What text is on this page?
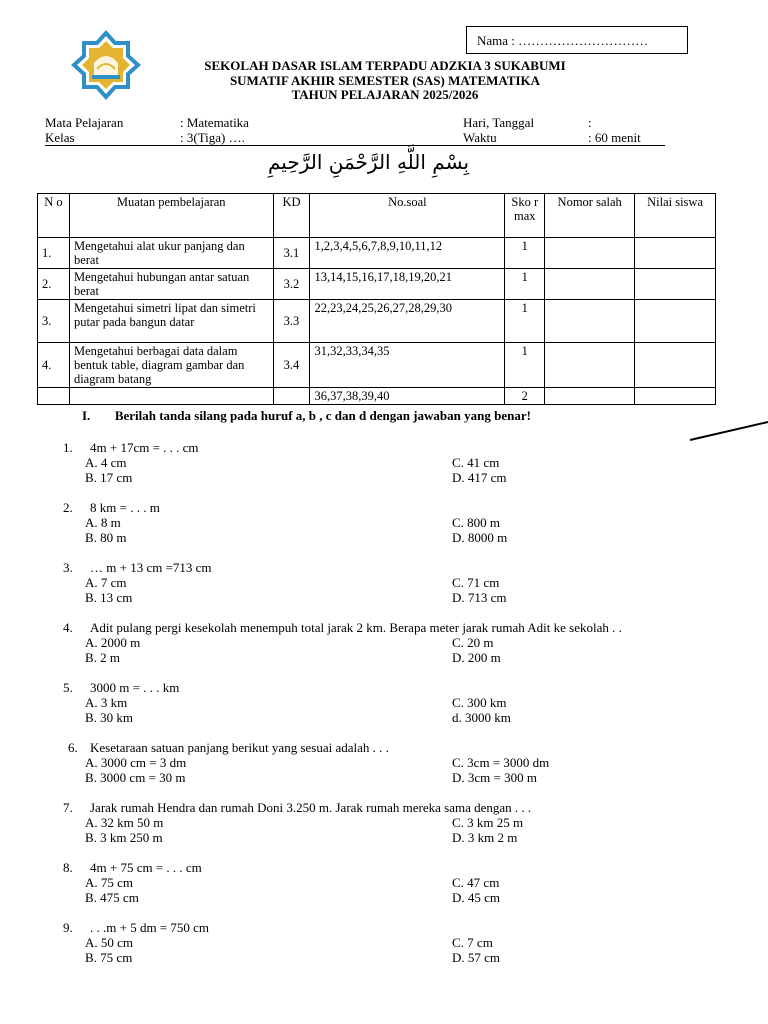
Nama : …………………………
SEKOLAH DASAR ISLAM TERPADU ADZKIA 3 SUKABUMI
SUMATIF AKHIR SEMESTER (SAS) MATEMATIKA
TAHUN PELAJARAN 2025/2026
Mata Pelajaran	: Matematika
Kelas	: 3(Tiga) ….
Hari, Tanggal	:
Waktu	: 60 menit
بِسْمِ اللَّهِ الرَّحْمَنِ الرَّحِيمِ
N o	Muatan pembelajaran	KD	No.soal	Sko r max	Nomor salah	Nilai siswa
1.	Mengetahui alat ukur panjang dan berat	3.1	1,2,3,4,5,6,7,8,9,10,11,12	1		
2.	Mengetahui hubungan antar satuan berat	3.2	13,14,15,16,17,18,19,20,21	1		
3.	Mengetahui simetri lipat dan simetri putar pada bangun datar	3.3	22,23,24,25,26,27,28,29,30	1		
4.	Mengetahui berbagai data dalam bentuk table, diagram gambar dan diagram batang	3.4	31,32,33,34,35	1		
			36,37,38,39,40	2		
I. Berilah tanda silang pada huruf a, b , c dan d dengan jawaban yang benar!
1. 4m + 17cm = . . . cm
A. 4 cm
B. 17 cm
C. 41 cm
D. 417 cm
2. 8 km = . . . m
A. 8 m
B. 80 m
C. 800 m
D. 8000 m
3. … m + 13 cm =713 cm
A. 7 cm
B. 13 cm
C. 71 cm
D. 713 cm
4. Adit pulang pergi kesekolah menempuh total jarak 2 km. Berapa meter jarak rumah Adit ke sekolah . .
A. 2000 m
B. 2 m
C. 20 m
D. 200 m
5. 3000 m = . . . km
A. 3 km
B. 30 km
C. 300 km
d. 3000 km
6. Kesetaraan satuan panjang berikut yang sesuai adalah . . .
A. 3000 cm = 3 dm
B. 3000 cm = 30 m
C. 3cm = 3000 dm
D. 3cm = 300 m
7. Jarak rumah Hendra dan rumah Doni 3.250 m. Jarak rumah mereka sama dengan . . .
A. 32 km 50 m
B. 3 km 250 m
C. 3 km 25 m
D. 3 km 2 m
8. 4m + 75 cm = . . . cm
A. 75 cm
B. 475 cm
C. 47 cm
D. 45 cm
9. . . .m + 5 dm = 750 cm
A. 50 cm
B. 75 cm
C. 7 cm
D. 57 cm
